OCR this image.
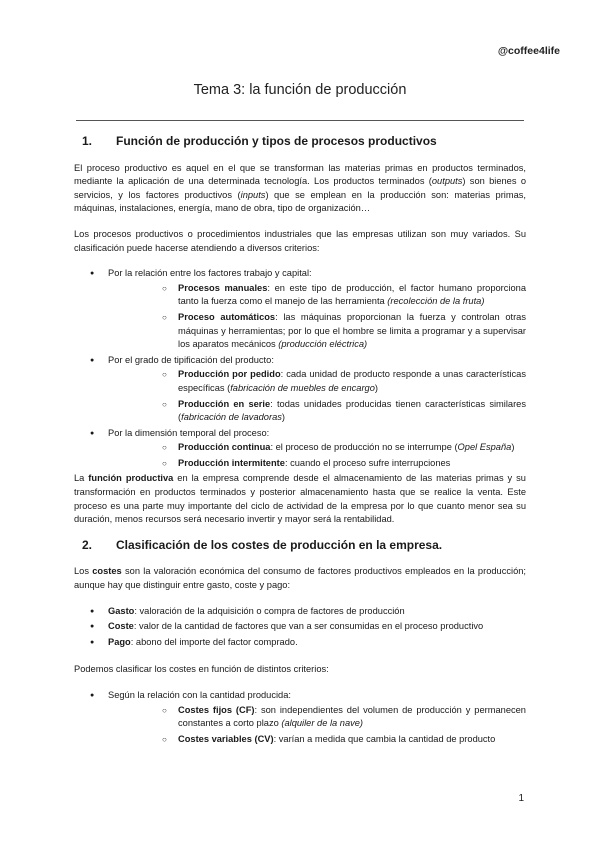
@coffee4life
Tema 3: la función de producción
1.	Función de producción y tipos de procesos productivos

El proceso productivo es aquel en el que se transforman las materias primas en productos terminados, mediante la aplicación de una determinada tecnología. Los productos terminados (outputs) son bienes o servicios, y los factores productivos (inputs) que se emplean en la producción son: materias primas, máquinas, instalaciones, energía, mano de obra, tipo de organización…

Los procesos productivos o procedimientos industriales que las empresas utilizan son muy variados. Su clasificación puede hacerse atendiendo a diversos criterios:

● Por la relación entre los factores trabajo y capital:
○ Procesos manuales: en este tipo de producción, el factor humano proporciona tanto la fuerza como el manejo de las herramienta (recolección de la fruta)
○ Proceso automáticos: las máquinas proporcionan la fuerza y controlan otras máquinas y herramientas; por lo que el hombre se limita a programar y a supervisar los aparatos mecánicos (producción eléctrica)
● Por el grado de tipificación del producto:
○ Producción por pedido: cada unidad de producto responde a unas características específicas (fabricación de muebles de encargo)
○ Producción en serie: todas unidades producidas tienen características similares (fabricación de lavadoras)
● Por la dimensión temporal del proceso:
○ Producción continua: el proceso de producción no se interrumpe (Opel España)
○ Producción intermitente: cuando el proceso sufre interrupciones

La función productiva en la empresa comprende desde el almacenamiento de las materias primas y su transformación en productos terminados y posterior almacenamiento hasta que se realice la venta. Este proceso es una parte muy importante del ciclo de actividad de la empresa por lo que cuanto menor sea su duración, menos recursos será necesario invertir y mayor será la rentabilidad.

2.	Clasificación de los costes de producción en la empresa.

Los costes son la valoración económica del consumo de factores productivos empleados en la producción; aunque hay que distinguir entre gasto, coste y pago:

● Gasto: valoración de la adquisición o compra de factores de producción
● Coste: valor de la cantidad de factores que van a ser consumidas en el proceso productivo
● Pago: abono del importe del factor comprado.

Podemos clasificar los costes en función de distintos criterios:

● Según la relación con la cantidad producida:
○ Costes fijos (CF): son independientes del volumen de producción y permanecen constantes a corto plazo (alquiler de la nave)
○ Costes variables (CV): varían a medida que cambia la cantidad de producto
1
